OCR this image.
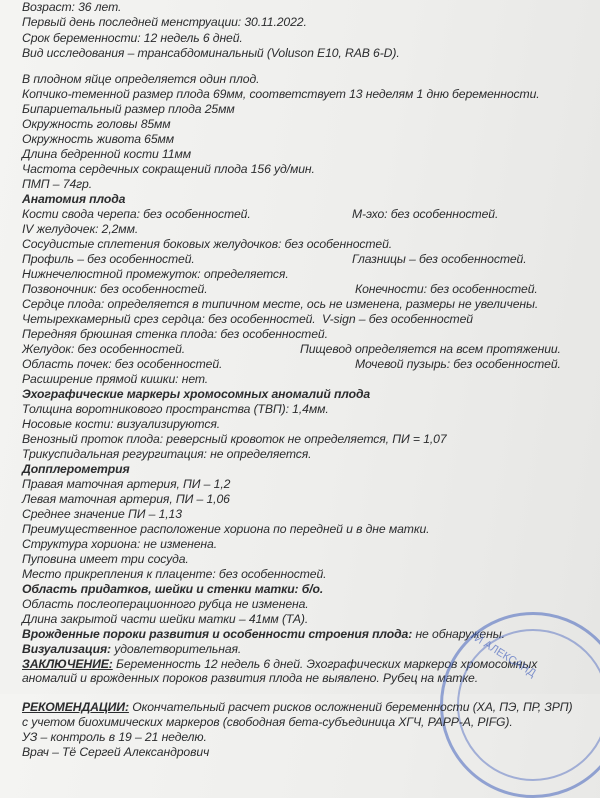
Возраст: 36 лет.
Первый день последней менструации: 30.11.2022.
Срок беременности: 12 недель 6 дней.
Вид исследования – трансабдоминальный (Voluson E10, RAB 6-D).
В плодном яйце определяется один плод.
Копчико-теменной размер плода 69мм, соответствует 13 неделям 1 дню беременности.
Бипариетальный размер плода 25мм
Окружность головы 85мм
Окружность живота 65мм
Длина бедренной кости 11мм
Частота сердечных сокращений плода 156 уд/мин.
ПМП – 74гр.
Анатомия плода
Кости свода черепа: без особенностей.	М-эхо: без особенностей.
IV желудочек: 2,2мм.
Сосудистые сплетения боковых желудочков: без особенностей.
Профиль – без особенностей.	Глазницы – без особенностей.
Нижнечелюстной промежуток: определяется.
Позвоночник: без особенностей.	Конечности: без особенностей.
Сердце плода: определяется в типичном месте, ось не изменена, размеры не увеличены.
Четырехкамерный срез сердца: без особенностей. V-sign – без особенностей
Передняя брюшная стенка плода: без особенностей.
Желудок: без особенностей.	Пищевод определяется на всем протяжении.
Область почек: без особенностей.	Мочевой пузырь: без особенностей.
Расширение прямой кишки: нет.
Эхографические маркеры хромосомных аномалий плода
Толщина воротникового пространства (ТВП): 1,4мм.
Носовые кости: визуализируются.
Венозный проток плода: реверсный кровоток не определяется, ПИ = 1,07
Трикуспидальная регургитация: не определяется.
Допплерометрия
Правая маточная артерия, ПИ – 1,2
Левая маточная артерия, ПИ – 1,06
Среднее значение ПИ – 1,13
Преимущественное расположение хориона по передней и в дне матки.
Структура хориона: не изменена.
Пуповина имеет три сосуда.
Место прикрепления к плаценте: без особенностей.
Область придатков, шейки и стенки матки: б/о.
Область послеоперационного рубца не изменена.
Длина закрытой части шейки матки – 41мм (ТА).
Врожденные пороки развития и особенности строения плода: не обнаружены.
Визуализация: удовлетворительная.
ЗАКЛЮЧЕНИЕ: Беременность 12 недель 6 дней. Эхографических маркеров хромосомных
аномалий и врожденных пороков развития плода не выявлено. Рубец на матке.
Й АЛЕКСАНД
РЕКОМЕНДАЦИИ: Окончательный расчет рисков осложнений беременности (ХА, ПЭ, ПР, ЗРП)
с учетом биохимических маркеров (свободная бета-субъединица ХГЧ, PAPP-A, PIFG).
УЗ – контроль в 19 – 21 неделю.
Врач – Тё Сергей Александрович
